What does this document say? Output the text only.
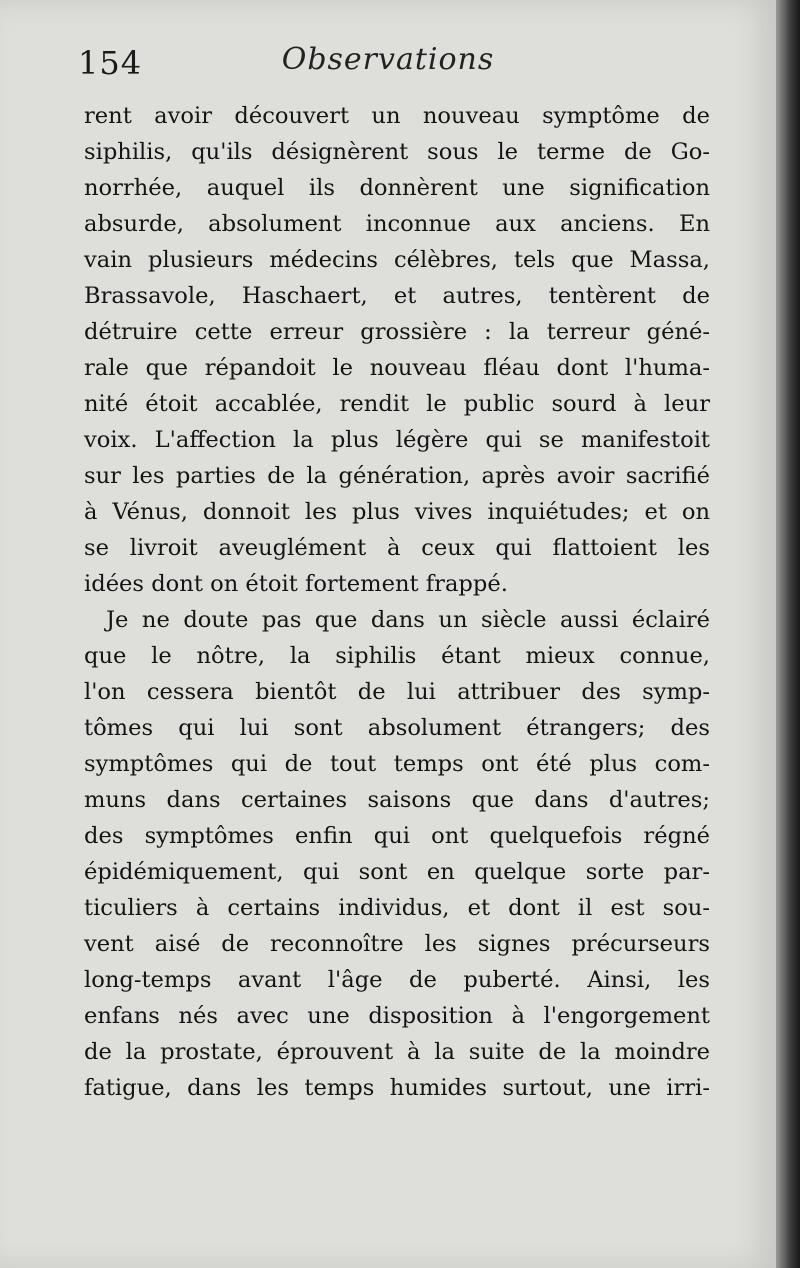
154	Observations
rent avoir découvert un nouveau symptôme de
siphilis, qu'ils désignèrent sous le terme de Go-
norrhée, auquel ils donnèrent une signification
absurde, absolument inconnue aux anciens. En
vain plusieurs médecins célèbres, tels que Massa,
Brassavole, Haschaert, et autres, tentèrent de
détruire cette erreur grossière : la terreur géné-
rale que répandoit le nouveau fléau dont l'huma-
nité étoit accablée, rendit le public sourd à leur
voix. L'affection la plus légère qui se manifestoit
sur les parties de la génération, après avoir sacrifié
à Vénus, donnoit les plus vives inquiétudes; et on
se livroit aveuglément à ceux qui flattoient les
idées dont on étoit fortement frappé.
Je ne doute pas que dans un siècle aussi éclairé
que le nôtre, la siphilis étant mieux connue,
l'on cessera bientôt de lui attribuer des symp-
tômes qui lui sont absolument étrangers; des
symptômes qui de tout temps ont été plus com-
muns dans certaines saisons que dans d'autres;
des symptômes enfin qui ont quelquefois régné
épidémiquement, qui sont en quelque sorte par-
ticuliers à certains individus, et dont il est sou-
vent aisé de reconnoître les signes précurseurs
long-temps avant l'âge de puberté. Ainsi, les
enfans nés avec une disposition à l'engorgement
de la prostate, éprouvent à la suite de la moindre
fatigue, dans les temps humides surtout, une irri-
